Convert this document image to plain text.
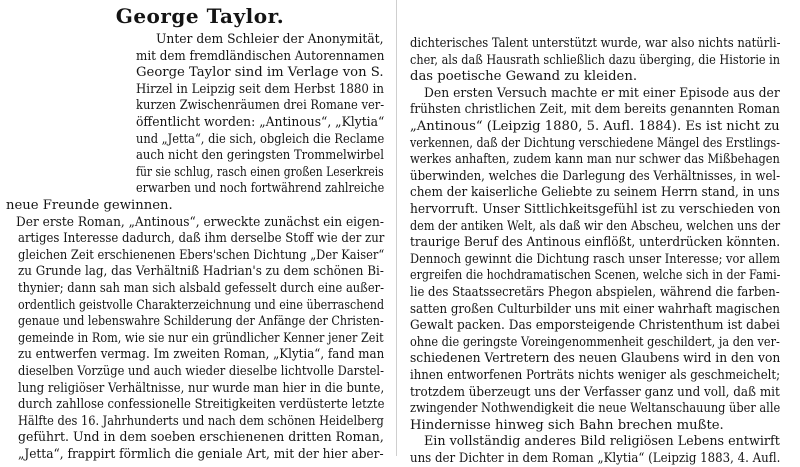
George Taylor.
Unter dem Schleier der Anonymität,
mit dem fremdländischen Autorennamen
George Taylor sind im Verlage von S.
Hirzel in Leipzig seit dem Herbst 1880 in
kurzen Zwischenräumen drei Romane ver-
öffentlicht worden: „Antinous“, „Klytia“
und „Jetta“, die sich, obgleich die Reclame
auch nicht den geringsten Trommelwirbel
für sie schlug, rasch einen großen Leserkreis
erwarben und noch fortwährend zahlreiche
neue Freunde gewinnen.
Der erste Roman, „Antinous“, erweckte zunächst ein eigen-
artiges Interesse dadurch, daß ihm derselbe Stoff wie der zur
gleichen Zeit erschienenen Ebers'schen Dichtung „Der Kaiser“
zu Grunde lag, das Verhältniß Hadrian's zu dem schönen Bi-
thynier; dann sah man sich alsbald gefesselt durch eine außer-
ordentlich geistvolle Charakterzeichnung und eine überraschend
genaue und lebenswahre Schilderung der Anfänge der Christen-
gemeinde in Rom, wie sie nur ein gründlicher Kenner jener Zeit
zu entwerfen vermag. Im zweiten Roman, „Klytia“, fand man
dieselben Vorzüge und auch wieder dieselbe lichtvolle Darstel-
lung religiöser Verhältnisse, nur wurde man hier in die bunte,
durch zahllose confessionelle Streitigkeiten verdüsterte letzte
Hälfte des 16. Jahrhunderts und nach dem schönen Heidelberg
geführt. Und in dem soeben erschienenen dritten Roman,
„Jetta“, frappirt förmlich die geniale Art, mit der hier aber-
dichterisches Talent unterstützt wurde, war also nichts natürli-
cher, als daß Hausrath schließlich dazu überging, die Historie in
das poetische Gewand zu kleiden.
Den ersten Versuch machte er mit einer Episode aus der
frühsten christlichen Zeit, mit dem bereits genannten Roman
„Antinous“ (Leipzig 1880, 5. Aufl. 1884). Es ist nicht zu
verkennen, daß der Dichtung verschiedene Mängel des Erstlings-
werkes anhaften, zudem kann man nur schwer das Mißbehagen
überwinden, welches die Darlegung des Verhältnisses, in wel-
chem der kaiserliche Geliebte zu seinem Herrn stand, in uns
hervorruft. Unser Sittlichkeitsgefühl ist zu verschieden von
dem der antiken Welt, als daß wir den Abscheu, welchen uns der
traurige Beruf des Antinous einflößt, unterdrücken könnten.
Dennoch gewinnt die Dichtung rasch unser Interesse; vor allem
ergreifen die hochdramatischen Scenen, welche sich in der Fami-
lie des Staatssecretärs Phegon abspielen, während die farben-
satten großen Culturbilder uns mit einer wahrhaft magischen
Gewalt packen. Das emporsteigende Christenthum ist dabei
ohne die geringste Voreingenommenheit geschildert, ja den ver-
schiedenen Vertretern des neuen Glaubens wird in den von
ihnen entworfenen Porträts nichts weniger als geschmeichelt;
trotzdem überzeugt uns der Verfasser ganz und voll, daß mit
zwingender Nothwendigkeit die neue Weltanschauung über alle
Hindernisse hinweg sich Bahn brechen mußte.
Ein vollständig anderes Bild religiösen Lebens entwirft
uns der Dichter in dem Roman „Klytia“ (Leipzig 1883, 4. Aufl.
